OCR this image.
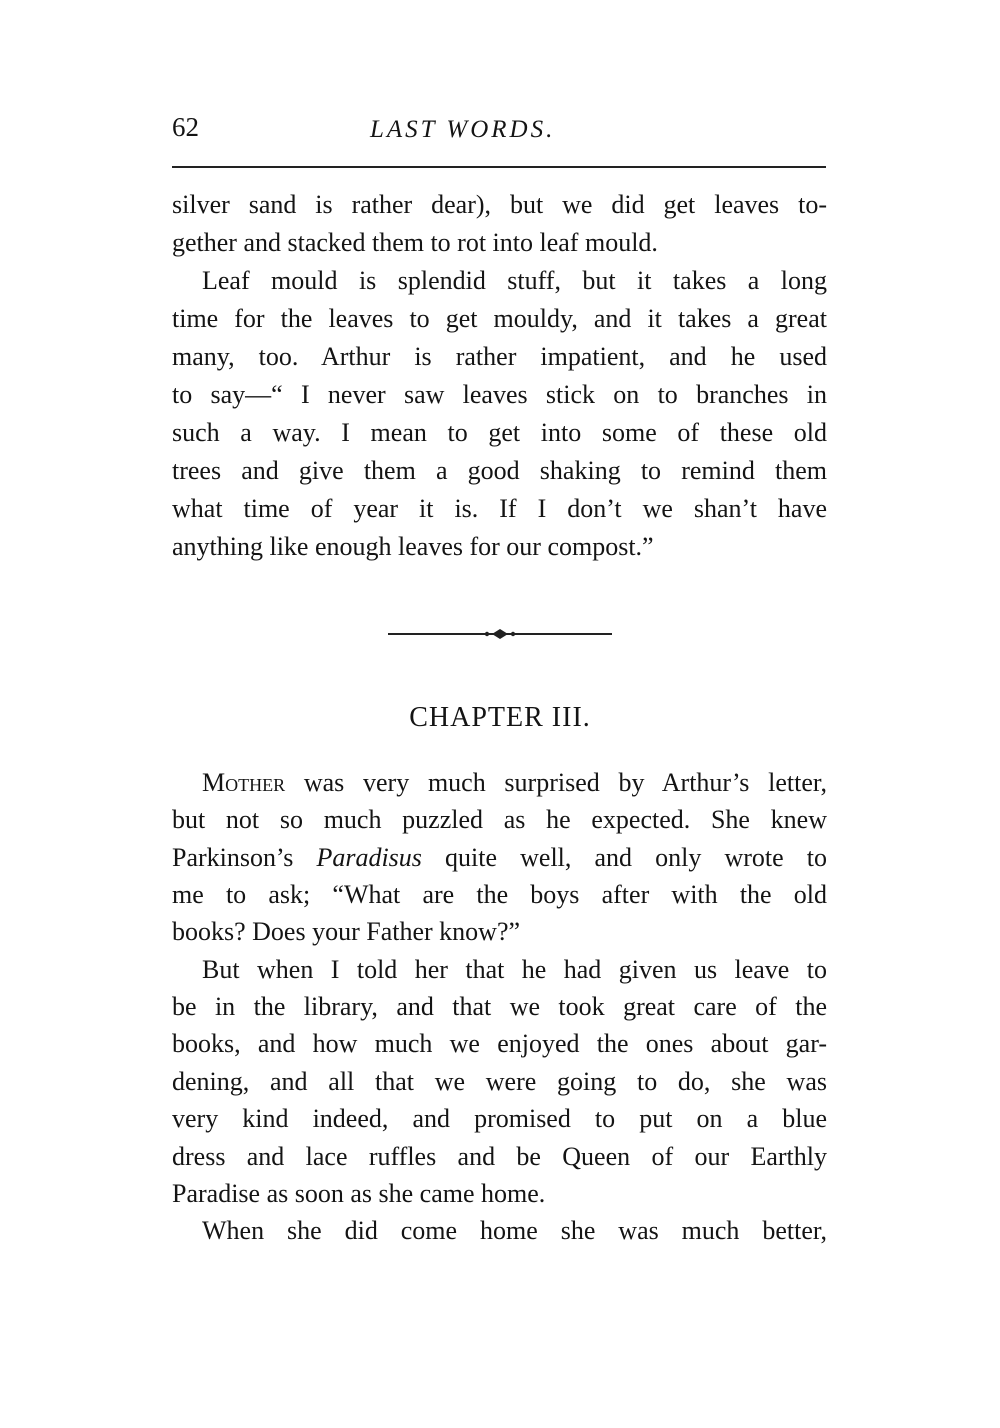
62	LAST WORDS.
silver sand is rather dear), but we did get leaves to-
gether and stacked them to rot into leaf mould.
Leaf mould is splendid stuff, but it takes a long
time for the leaves to get mouldy, and it takes a great
many, too. Arthur is rather impatient, and he used
to say—“ I never saw leaves stick on to branches in
such a way. I mean to get into some of these old
trees and give them a good shaking to remind them
what time of year it is. If I don’t we shan’t have
anything like enough leaves for our compost.”
CHAPTER III.
Mother was very much surprised by Arthur’s letter,
but not so much puzzled as he expected. She knew
Parkinson’s Paradisus quite well, and only wrote to
me to ask; “What are the boys after with the old
books? Does your Father know?”
But when I told her that he had given us leave to
be in the library, and that we took great care of the
books, and how much we enjoyed the ones about gar-
dening, and all that we were going to do, she was
very kind indeed, and promised to put on a blue
dress and lace ruffles and be Queen of our Earthly
Paradise as soon as she came home.
When she did come home she was much better,
